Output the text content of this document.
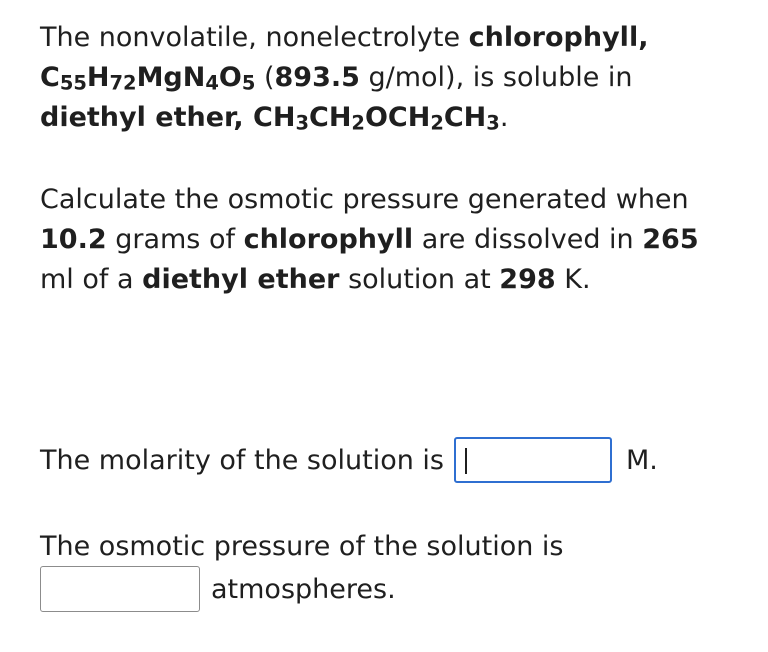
The nonvolatile, nonelectrolyte chlorophyll,
C55H72MgN4O5 (893.5 g/mol), is soluble in
diethyl ether, CH3CH2OCH2CH3.

Calculate the osmotic pressure generated when 10.2 grams of chlorophyll are dissolved in 265 ml of a diethyl ether solution at 298 K.

The molarity of the solution is	M.
The osmotic pressure of the solution is
atmospheres.
